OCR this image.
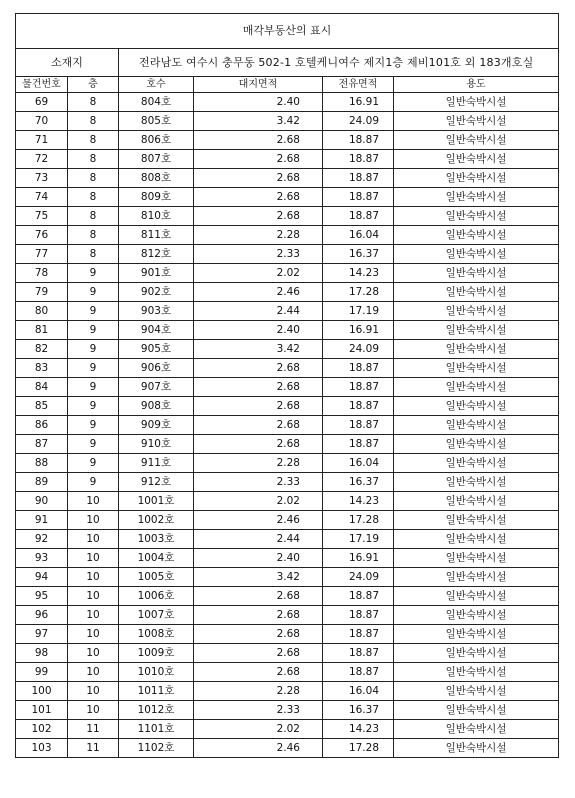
매각부동산의 표시					
소재지		전라남도 여수시 충무동 502-1 호텔케니여수 제지1층 제비101호 외 183개호실			
물건번호	층	호수	대지면적	전유면적	용도
69	8	804호	2.40	16.91	일반숙박시설
70	8	805호	3.42	24.09	일반숙박시설
71	8	806호	2.68	18.87	일반숙박시설
72	8	807호	2.68	18.87	일반숙박시설
73	8	808호	2.68	18.87	일반숙박시설
74	8	809호	2.68	18.87	일반숙박시설
75	8	810호	2.68	18.87	일반숙박시설
76	8	811호	2.28	16.04	일반숙박시설
77	8	812호	2.33	16.37	일반숙박시설
78	9	901호	2.02	14.23	일반숙박시설
79	9	902호	2.46	17.28	일반숙박시설
80	9	903호	2.44	17.19	일반숙박시설
81	9	904호	2.40	16.91	일반숙박시설
82	9	905호	3.42	24.09	일반숙박시설
83	9	906호	2.68	18.87	일반숙박시설
84	9	907호	2.68	18.87	일반숙박시설
85	9	908호	2.68	18.87	일반숙박시설
86	9	909호	2.68	18.87	일반숙박시설
87	9	910호	2.68	18.87	일반숙박시설
88	9	911호	2.28	16.04	일반숙박시설
89	9	912호	2.33	16.37	일반숙박시설
90	10	1001호	2.02	14.23	일반숙박시설
91	10	1002호	2.46	17.28	일반숙박시설
92	10	1003호	2.44	17.19	일반숙박시설
93	10	1004호	2.40	16.91	일반숙박시설
94	10	1005호	3.42	24.09	일반숙박시설
95	10	1006호	2.68	18.87	일반숙박시설
96	10	1007호	2.68	18.87	일반숙박시설
97	10	1008호	2.68	18.87	일반숙박시설
98	10	1009호	2.68	18.87	일반숙박시설
99	10	1010호	2.68	18.87	일반숙박시설
100	10	1011호	2.28	16.04	일반숙박시설
101	10	1012호	2.33	16.37	일반숙박시설
102	11	1101호	2.02	14.23	일반숙박시설
103	11	1102호	2.46	17.28	일반숙박시설
